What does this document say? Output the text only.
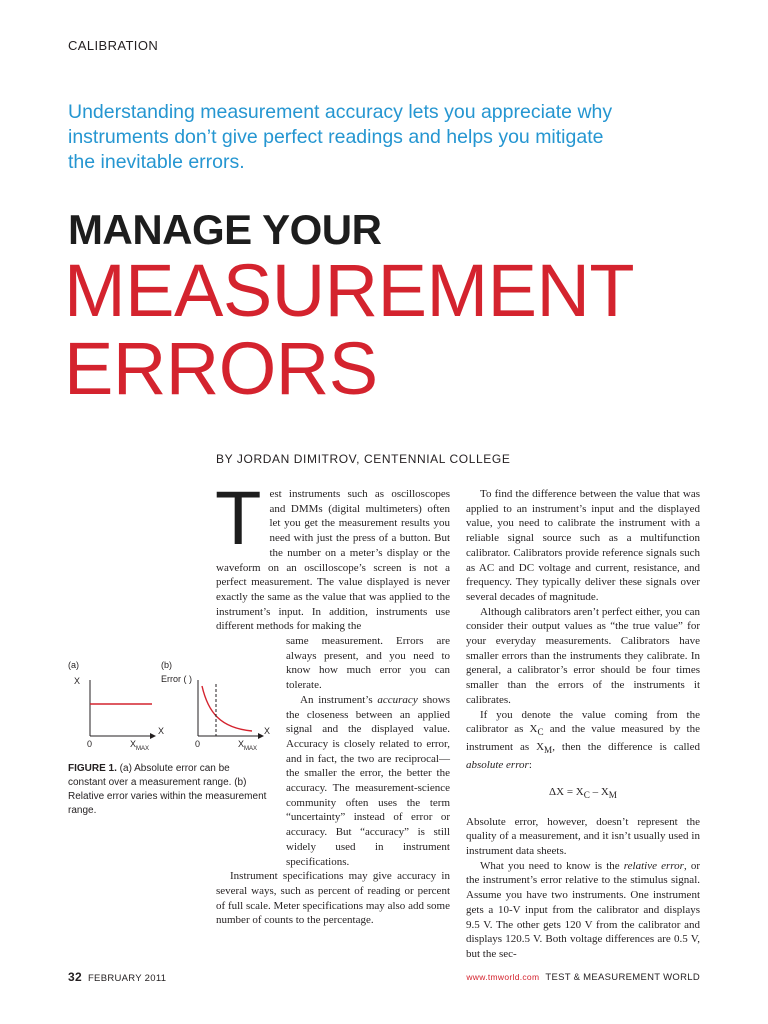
CALIBRATION
Understanding measurement accuracy lets you appreciate why instruments don’t give perfect readings and helps you mitigate the inevitable errors.
MANAGE YOUR
MEASUREMENT
ERRORS
BY JORDAN DIMITROV, CENTENNIAL COLLEGE

Test instruments such as oscilloscopes and DMMs (digital multimeters) often let you get the measurement results you need with just the press of a button. But the number on a meter’s display or the waveform on an oscilloscope’s screen is not a perfect measurement. The value displayed is never exactly the same as the value that was applied to the instrument’s input. In addition, instruments use different methods for making the

same measurement. Errors are always present, and you need to know how much error you can tolerate.

An instrument’s accuracy shows the closeness between an applied signal and the displayed value. Accuracy is closely related to error, and in fact, the two are reciprocal—the smaller the error, the better the accuracy. The measurement-science community often uses the term “uncertainty” instead of error or accuracy. But “accuracy” is still widely used in instrument specifications.

Instrument specifications may give accuracy in several ways, such as percent of reading or percent of full scale. Meter specifications may also add some number of counts to the percentage.

(a)	(b)
X	Error ( )
X	X
0	0
$X_{MAX}$	$X_{MAX}$
FIGURE 1. (a) Absolute error can be constant over a measurement range. (b) Relative error varies within the measurement range.

To find the difference between the value that was applied to an instrument’s input and the displayed value, you need to calibrate the instrument with a reliable signal source such as a multifunction calibrator. Calibrators provide reference signals such as AC and DC voltage and current, resistance, and frequency. They typically deliver these signals over several decades of magnitude.

Although calibrators aren’t perfect either, you can consider their output values as “the true value” for your everyday measurements. Calibrators have smaller errors than the instruments they calibrate. In general, a calibrator’s error should be four times smaller than the errors of the instruments it calibrates.

If you denote the value coming from the calibrator as $X_C$ and the value measured by the instrument as $X_M$, then the difference is called absolute error:

$\Delta X = X_C - X_M$

Absolute error, however, doesn’t represent the quality of a measurement, and it isn’t usually used in instrument data sheets.

What you need to know is the relative error, or the instrument’s error relative to the stimulus signal. Assume you have two instruments. One instrument gets a 10-V input from the calibrator and displays 9.5 V. The other gets 120 V from the calibrator and displays 120.5 V. Both voltage differences are 0.5 V, but the sec-

32 FEBRUARY 2011	www.tmworld.com TEST & MEASUREMENT WORLD
